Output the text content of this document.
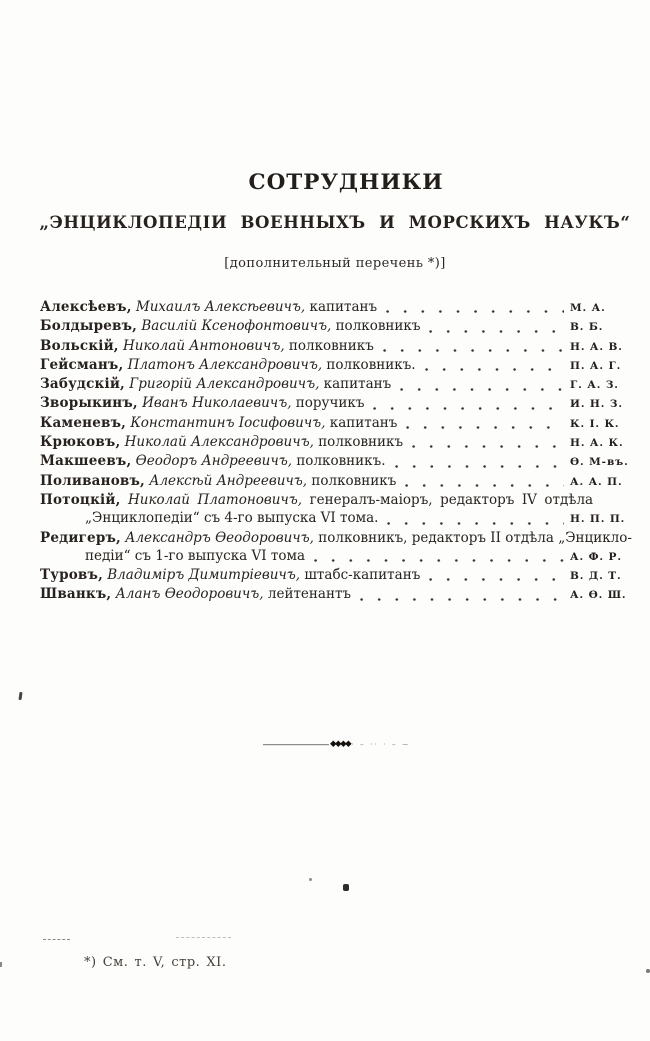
СОТРУДНИКИ
„ЭНЦИКЛОПЕДІИ ВОЕННЫХЪ И МОРСКИХЪ НАУКЪ“
[дополнительный перечень *)]
Алексѣевъ, Михаилъ Алексѣевичъ, капитанъ	М. А.
Болдыревъ, Василій Ксенофонтовичъ, полковникъ	В. Б.
Вольскій, Николай Антоновичъ, полковникъ	Н. А. В.
Гейсманъ, Платонъ Александровичъ, полковникъ.	П. А. Г.
Забудскій, Григорій Александровичъ, капитанъ	Г. А. З.
Зворыкинъ, Иванъ Николаевичъ, поручикъ	И. Н. З.
Каменевъ, Константинъ Іосифовичъ, капитанъ	К. І. К.
Крюковъ, Николай Александровичъ, полковникъ	Н. А. К.
Макшеевъ, Ѳеодоръ Андреевичъ, полковникъ.	Ѳ. М-въ.
Поливановъ, Алексѣй Андреевичъ, полковникъ	А. А. П.
Потоцкій, Николай Платоновичъ, генералъ-маіоръ, редакторъ IV отдѣла
„Энциклопедіи“ съ 4-го выпуска VI тома.	Н. П. П.
Редигеръ, Александръ Ѳеодоровичъ, полковникъ, редакторъ II отдѣла „Энцикло-
педіи“ съ 1-го выпуска VI тома	А. Ф. Р.
Туровъ, Владиміръ Димитріевичъ, штабс-капитанъ	В. Д. Т.
Шванкъ, Аланъ Ѳеодоровичъ, лейтенантъ	А. Ѳ. Ш.
◆◆◆◆ · – ·· · – ~
*) См. т. V, стр. XI.
